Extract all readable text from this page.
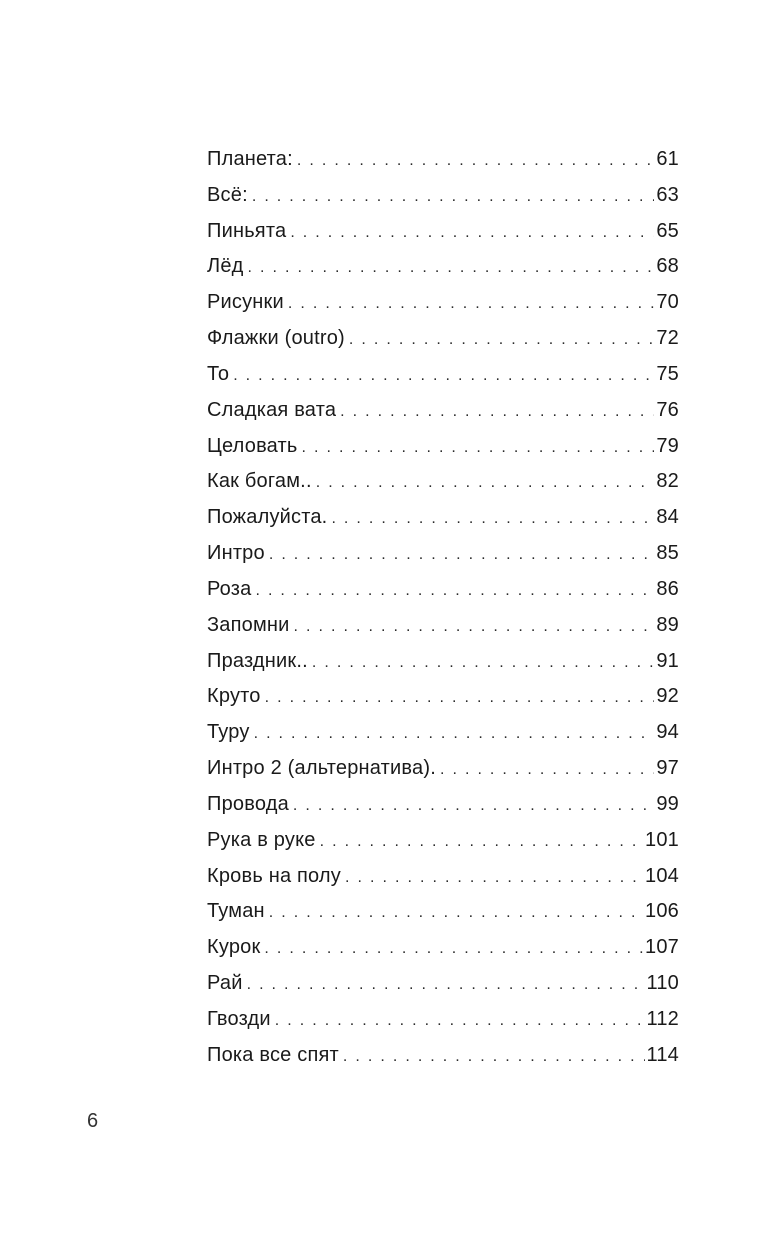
Планета: . . .	61
Всё: . . .	63
Пиньята . . .	65
Лёд . . .	68
Рисунки . . .	70
Флажки (outro) . . .	72
То . . .	75
Сладкая вата . . .	76
Целовать . . .	79
Как богам.. . . .	82
Пожалуйста. . . .	84
Интро . . .	85
Роза . . .	86
Запомни . . .	89
Праздник.. . . .	91
Круто . . .	92
Туру . . .	94
Интро 2 (альтернатива). . . .	97
Провода . . .	99
Рука в руке . . .	101
Кровь на полу . . .	104
Туман . . .	106
Курок . . .	107
Рай . . .	110
Гвозди . . .	112
Пока все спят . . .	114
6
